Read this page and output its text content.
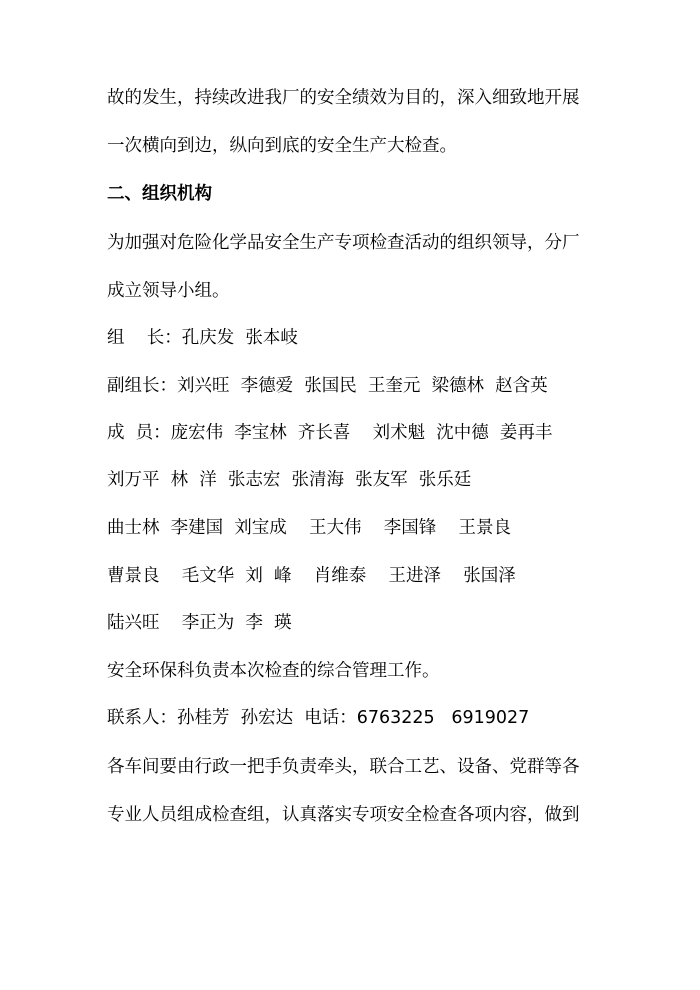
故的发生，持续改进我厂的安全绩效为目的，深入细致地开展
一次横向到边，纵向到底的安全生产大检查。
二、组织机构
为加强对危险化学品安全生产专项检查活动的组织领导，分厂
成立领导小组。
组    长：孔庆发  张本岐
副组长：刘兴旺  李德爱  张国民  王奎元  梁德林  赵含英
成  员：庞宏伟  李宝林  齐长喜    刘术魁  沈中德  姜再丰
刘万平  林  洋  张志宏  张清海  张友军  张乐廷
曲士林  李建国  刘宝成    王大伟    李国锋    王景良
曹景良    毛文华  刘  峰    肖维泰    王进泽    张国泽
陆兴旺    李正为  李  瑛
安全环保科负责本次检查的综合管理工作。
联系人：孙桂芳  孙宏达  电话：6763225   6919027
各车间要由行政一把手负责牵头，联合工艺、设备、党群等各
专业人员组成检查组，认真落实专项安全检查各项内容，做到
